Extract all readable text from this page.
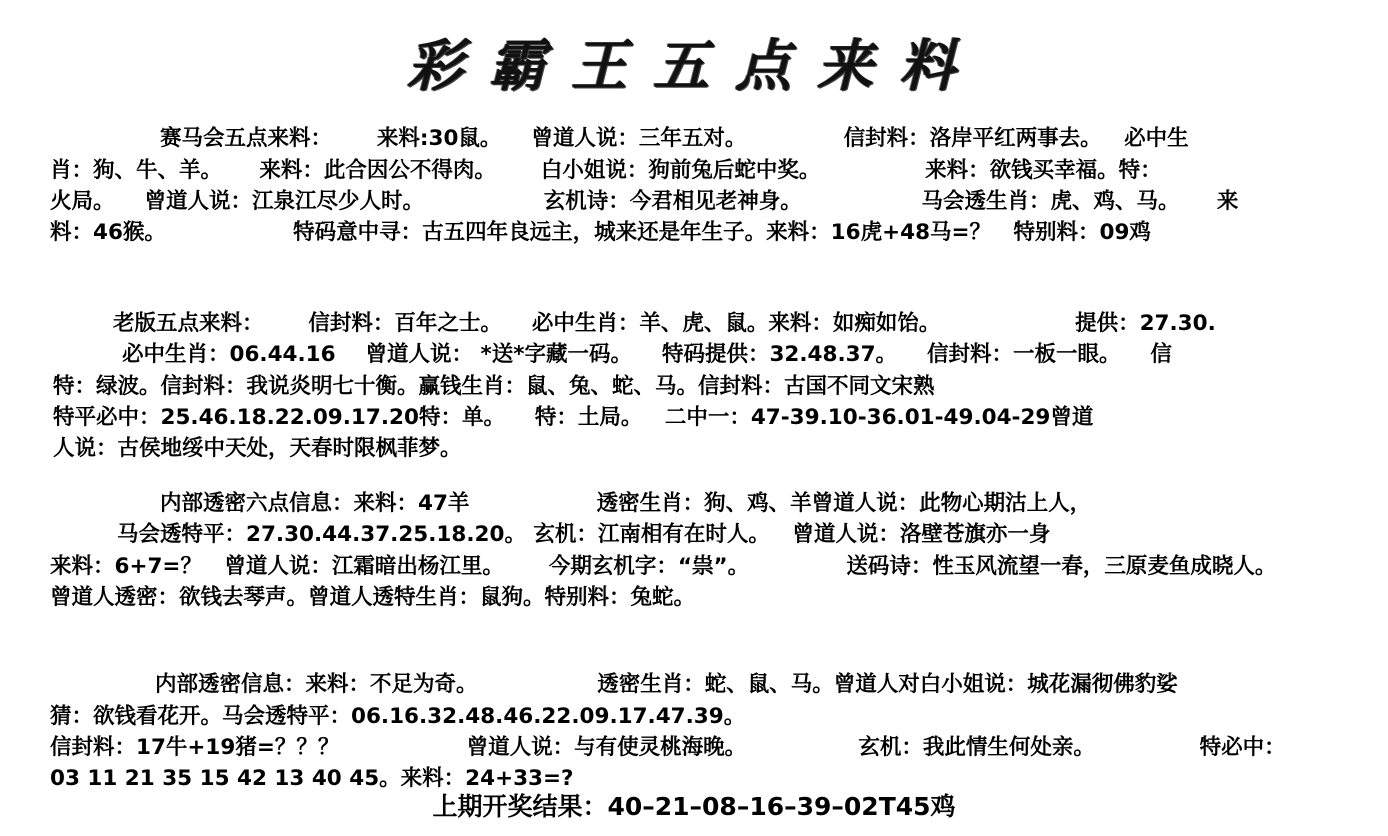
彩霸王五点来料
赛马会五点来料：      来料:30鼠。    曾道人说：三年五对。             信封料：洛岸平红两事去。   必中生
肖：狗、牛、羊。     来料：此合因公不得肉。      白小姐说：狗前兔后蛇中奖。              来料：欲钱买幸福。特：
火局。    曾道人说：江泉江尽少人时。                玄机诗：今君相见老神身。                马会透生肖：虎、鸡、马。     来
料：46猴。                 特码意中寻：古五四年良远主，城来还是年生子。来料：16虎+48马=？   特别料：09鸡
老版五点来料：      信封料：百年之士。    必中生肖：羊、虎、鼠。来料：如痴如饴。                  提供：27.30.
必中生肖：06.44.16    曾道人说： *送*字藏一码。    特码提供：32.48.37。    信封料：一板一眼。    信
特：绿波。信封料：我说炎明七十衡。赢钱生肖：鼠、兔、蛇、马。信封料：古国不同文宋熟
特平必中：25.46.18.22.09.17.20特：单。    特：土局。   二中一：47-39.10-36.01-49.04-29曾道
人说：古侯地绥中天处，天春时限枫菲梦。
内部透密六点信息：来料：47羊                 透密生肖：狗、鸡、羊曾道人说：此物心期沽上人，
马会透特平：27.30.44.37.25.18.20。 玄机：江南相有在时人。   曾道人说：洛壁苍旗亦一身
来料：6+7=？   曾道人说：江霜暗出杨江里。      今期玄机字：“祟”。             送码诗：性玉风流望一春，三原麦鱼成晓人。
曾道人透密：欲钱去琴声。曾道人透特生肖：鼠狗。特别料：兔蛇。
内部透密信息：来料：不足为奇。                透密生肖：蛇、鼠、马。曾道人对白小姐说：城花漏彻佛豹娑
猜：欲钱看花开。马会透特平：06.16.32.48.46.22.09.17.47.39。
信封料：17牛+19猪=？？？                 曾道人说：与有使灵桃海晚。               玄机：我此情生何处亲。              特必中：
03 11 21 35 15 42 13 40 45。来料：24+33=?
上期开奖结果：40–21–08–16–39–02T45鸡
